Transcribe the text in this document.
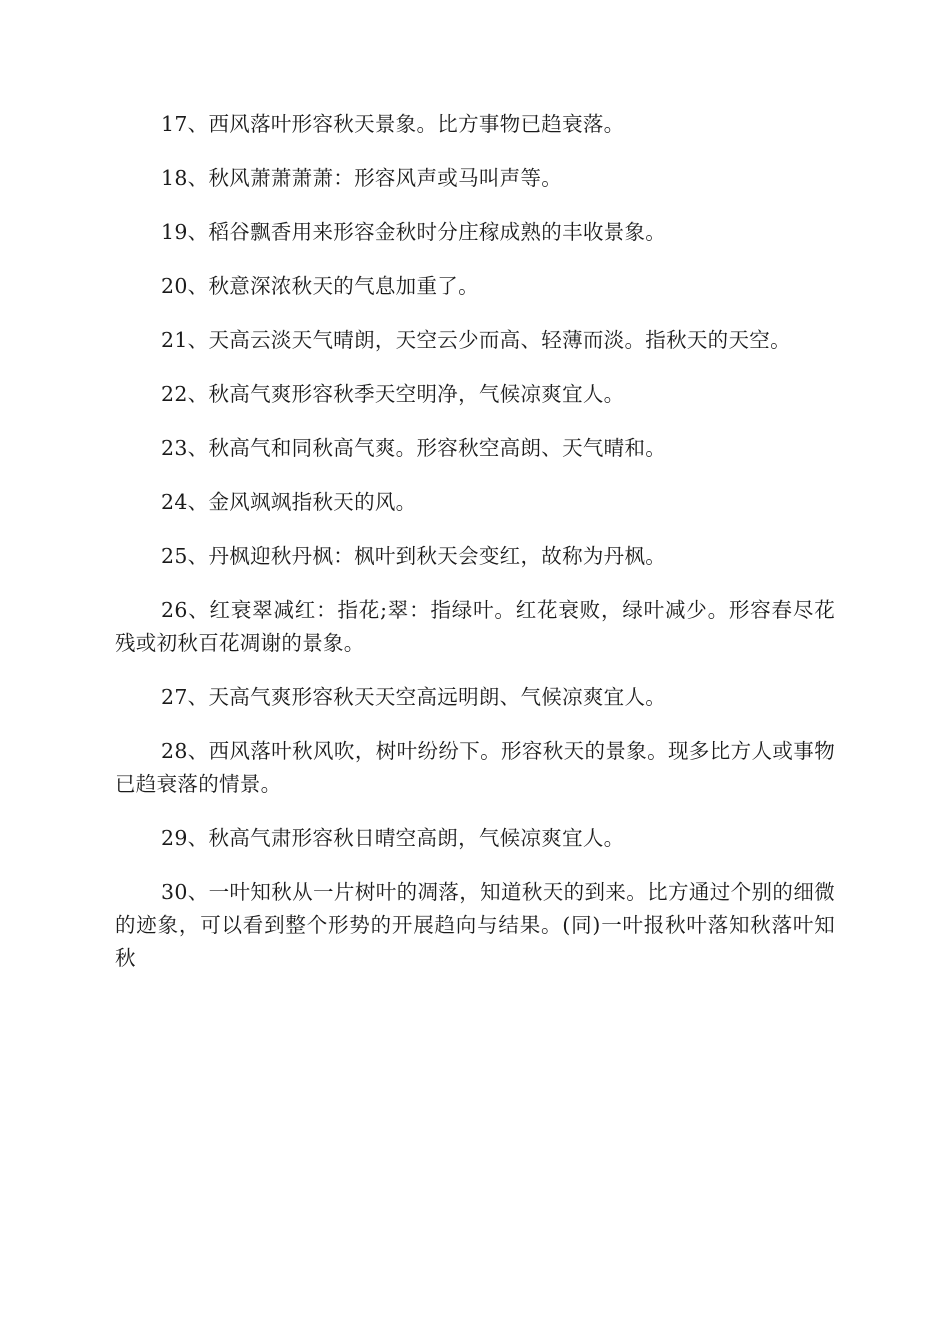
17、西风落叶形容秋天景象。比方事物已趋衰落。

18、秋风萧萧萧萧：形容风声或马叫声等。

19、稻谷飘香用来形容金秋时分庄稼成熟的丰收景象。

20、秋意深浓秋天的气息加重了。

21、天高云淡天气晴朗，天空云少而高、轻薄而淡。指秋天的天空。

22、秋高气爽形容秋季天空明净，气候凉爽宜人。

23、秋高气和同秋高气爽。形容秋空高朗、天气晴和。

24、金风飒飒指秋天的风。

25、丹枫迎秋丹枫：枫叶到秋天会变红，故称为丹枫。

26、红衰翠减红：指花;翠：指绿叶。红花衰败，绿叶减少。形容春尽花残或初秋百花凋谢的景象。

27、天高气爽形容秋天天空高远明朗、气候凉爽宜人。

28、西风落叶秋风吹，树叶纷纷下。形容秋天的景象。现多比方人或事物已趋衰落的情景。

29、秋高气肃形容秋日晴空高朗，气候凉爽宜人。

30、一叶知秋从一片树叶的凋落，知道秋天的到来。比方通过个别的细微的迹象，可以看到整个形势的开展趋向与结果。(同)一叶报秋叶落知秋落叶知秋
